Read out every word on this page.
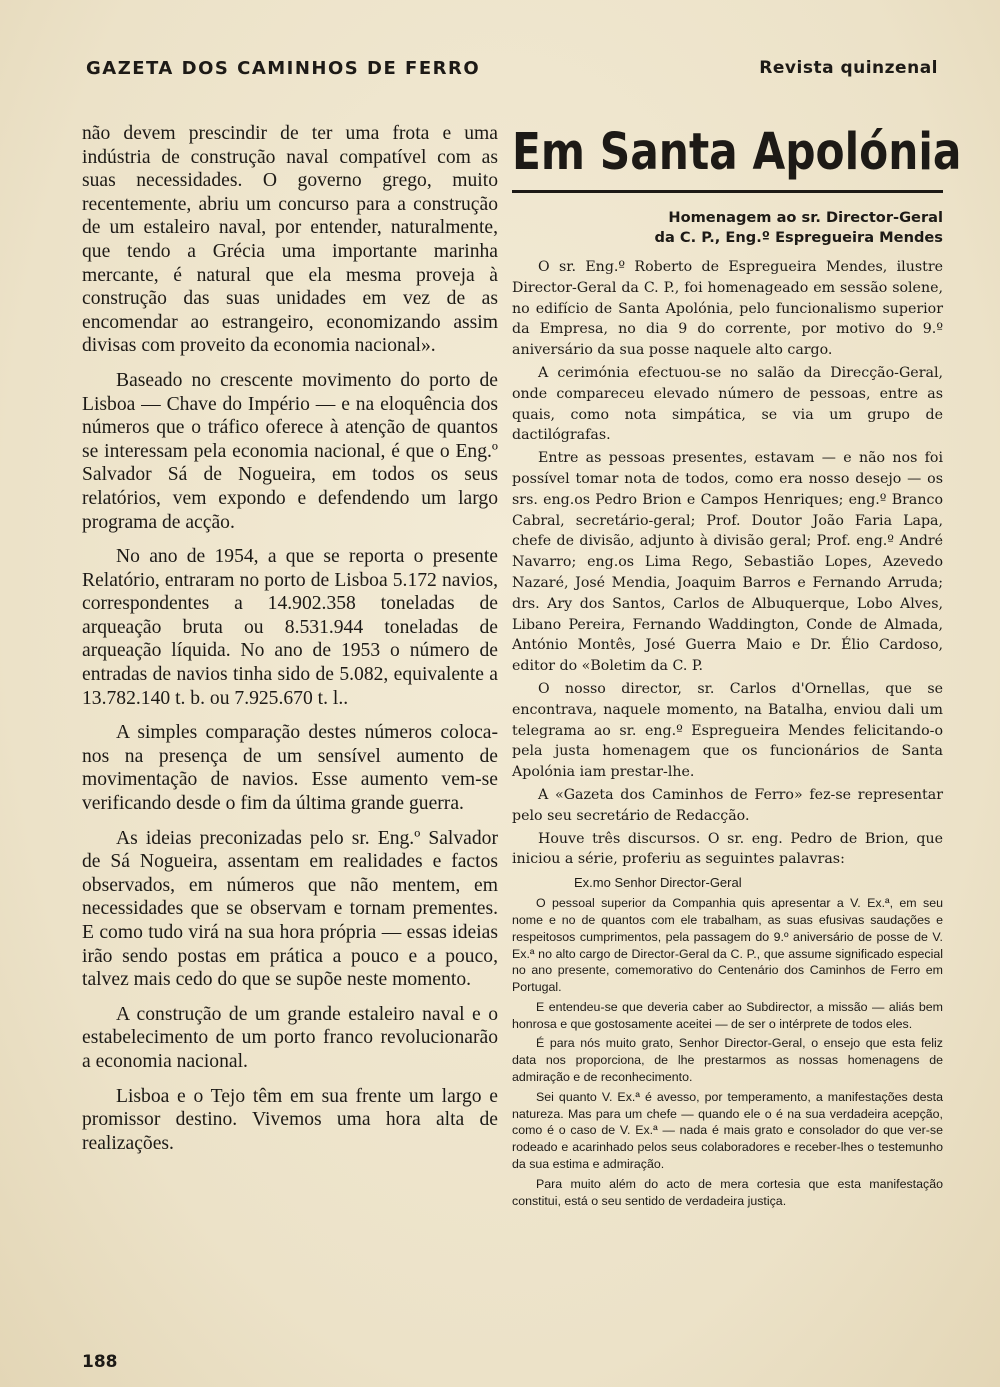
GAZETA DOS CAMINHOS DE FERRO	Revista quinzenal

não devem prescindir de ter uma frota e uma indústria de construção naval compatível com as suas necessidades. O governo grego, muito recentemente, abriu um concurso para a construção de um estaleiro naval, por entender, naturalmente, que tendo a Grécia uma importante marinha mercante, é natural que ela mesma proveja à construção das suas unidades em vez de as encomendar ao estrangeiro, economizando assim divisas com proveito da economia nacional».

Baseado no crescente movimento do porto de Lisboa — Chave do Império — e na eloquência dos números que o tráfico oferece à atenção de quantos se interessam pela economia nacional, é que o Eng.º Salvador Sá de Nogueira, em todos os seus relatórios, vem expondo e defendendo um largo programa de acção.

No ano de 1954, a que se reporta o presente Relatório, entraram no porto de Lisboa 5.172 navios, correspondentes a 14.902.358 toneladas de arqueação bruta ou 8.531.944 toneladas de arqueação líquida. No ano de 1953 o número de entradas de navios tinha sido de 5.082, equivalente a 13.782.140 t. b. ou 7.925.670 t. l..

A simples comparação destes números coloca-nos na presença de um sensível aumento de movimentação de navios. Esse aumento vem-se verificando desde o fim da última grande guerra.

As ideias preconizadas pelo sr. Eng.º Salvador de Sá Nogueira, assentam em realidades e factos observados, em números que não mentem, em necessidades que se observam e tornam prementes. E como tudo virá na sua hora própria — essas ideias irão sendo postas em prática a pouco e a pouco, talvez mais cedo do que se supõe neste momento.

A construção de um grande estaleiro naval e o estabelecimento de um porto franco revolucionarão a economia nacional.

Lisboa e o Tejo têm em sua frente um largo e promissor destino. Vivemos uma hora alta de realizações.

Em Santa Apolónia
Homenagem ao sr. Director-Geral
da C. P., Eng.º Espregueira Mendes

O sr. Eng.º Roberto de Espregueira Mendes, ilustre Director-Geral da C. P., foi homenageado em sessão solene, no edifício de Santa Apolónia, pelo funcionalismo superior da Empresa, no dia 9 do corrente, por motivo do 9.º aniversário da sua posse naquele alto cargo.

A cerimónia efectuou-se no salão da Direcção-Geral, onde compareceu elevado número de pessoas, entre as quais, como nota simpática, se via um grupo de dactilógrafas.

Entre as pessoas presentes, estavam — e não nos foi possível tomar nota de todos, como era nosso desejo — os srs. eng.os Pedro Brion e Campos Henriques; eng.º Branco Cabral, secretário-geral; Prof. Doutor João Faria Lapa, chefe de divisão, adjunto à divisão geral; Prof. eng.º André Navarro; eng.os Lima Rego, Sebastião Lopes, Azevedo Nazaré, José Mendia, Joaquim Barros e Fernando Arruda; drs. Ary dos Santos, Carlos de Albuquerque, Lobo Alves, Libano Pereira, Fernando Waddington, Conde de Almada, António Montês, José Guerra Maio e Dr. Élio Cardoso, editor do «Boletim da C. P.

O nosso director, sr. Carlos d'Ornellas, que se encontrava, naquele momento, na Batalha, enviou dali um telegrama ao sr. eng.º Espregueira Mendes felicitando-o pela justa homenagem que os funcionários de Santa Apolónia iam prestar-lhe.

A «Gazeta dos Caminhos de Ferro» fez-se representar pelo seu secretário de Redacção.

Houve três discursos. O sr. eng. Pedro de Brion, que iniciou a série, proferiu as seguintes palavras:

Ex.mo Senhor Director-Geral

O pessoal superior da Companhia quis apresentar a V. Ex.ª, em seu nome e no de quantos com ele trabalham, as suas efusivas saudações e respeitosos cumprimentos, pela passagem do 9.º aniversário de posse de V. Ex.ª no alto cargo de Director-Geral da C. P., que assume significado especial no ano presente, comemorativo do Centenário dos Caminhos de Ferro em Portugal.

E entendeu-se que deveria caber ao Subdirector, a missão — aliás bem honrosa e que gostosamente aceitei — de ser o intérprete de todos eles.

É para nós muito grato, Senhor Director-Geral, o ensejo que esta feliz data nos proporciona, de lhe prestarmos as nossas homenagens de admiração e de reconhecimento.

Sei quanto V. Ex.ª é avesso, por temperamento, a manifestações desta natureza. Mas para um chefe — quando ele o é na sua verdadeira acepção, como é o caso de V. Ex.ª — nada é mais grato e consolador do que ver-se rodeado e acarinhado pelos seus colaboradores e receber-lhes o testemunho da sua estima e admiração.

Para muito além do acto de mera cortesia que esta manifestação constitui, está o seu sentido de verdadeira justiça.

188
